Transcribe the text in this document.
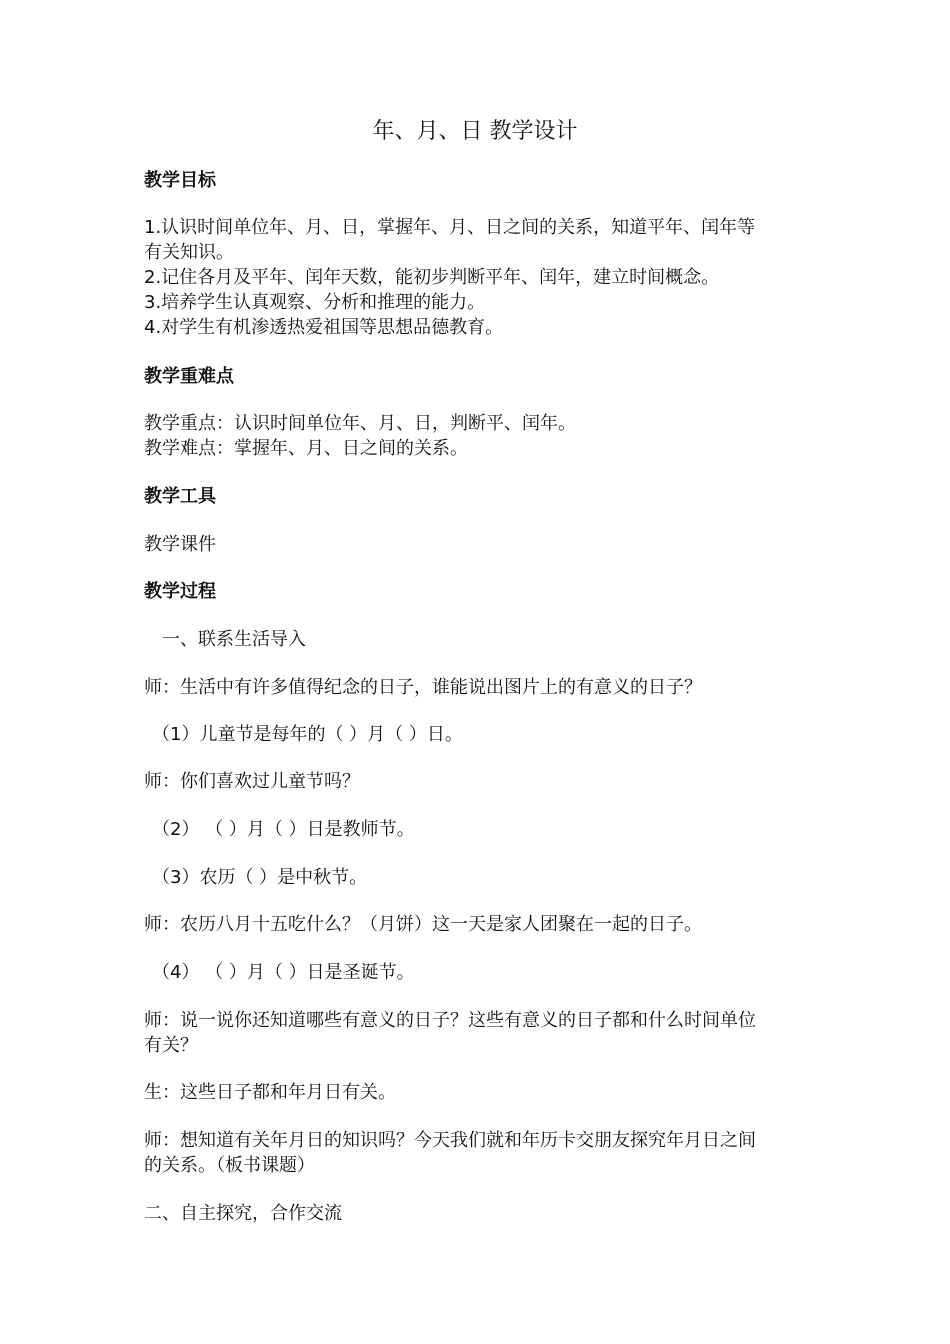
年、月、日 教学设计
教学目标
1.认识时间单位年、月、日，掌握年、月、日之间的关系，知道平年、闰年等
有关知识。
2.记住各月及平年、闰年天数，能初步判断平年、闰年，建立时间概念。
3.培养学生认真观察、分析和推理的能力。
4.对学生有机渗透热爱祖国等思想品德教育。
教学重难点
教学重点：认识时间单位年、月、日，判断平、闰年。
教学难点：掌握年、月、日之间的关系。
教学工具
教学课件
教学过程
一、联系生活导入
师：生活中有许多值得纪念的日子，谁能说出图片上的有意义的日子？
（1）儿童节是每年的（ ）月（ ）日。
师：你们喜欢过儿童节吗？
（2） （ ）月（ ）日是教师节。
（3）农历（ ）是中秋节。
师：农历八月十五吃什么？（月饼）这一天是家人团聚在一起的日子。
（4） （ ）月（ ）日是圣诞节。
师：说一说你还知道哪些有意义的日子？这些有意义的日子都和什么时间单位
有关？
生：这些日子都和年月日有关。
师：想知道有关年月日的知识吗？今天我们就和年历卡交朋友探究年月日之间
的关系。（板书课题）
二、自主探究，合作交流
